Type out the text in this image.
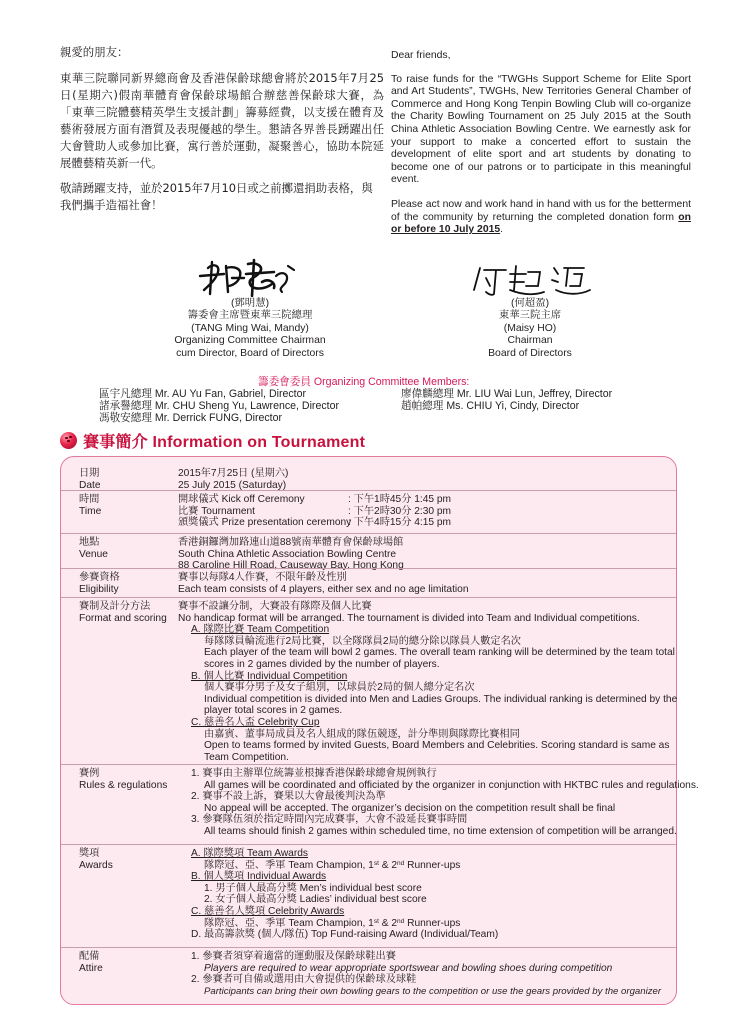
親愛的朋友：

東華三院聯同新界總商會及香港保齡球總會將於2015年7月25日(星期六)假南華體育會保齡球場館合辦慈善保齡球大賽，為「東華三院體藝精英學生支援計劃」籌募經費，以支援在體育及藝術發展方面有潛質及表現優越的學生。懇請各界善長踴躍出任大會贊助人或參加比賽，寓行善於運動，凝聚善心，協助本院延展體藝精英新一代。

敬請踴躍支持，並於2015年7月10日或之前擲還捐助表格，與我們攜手造福社會！

Dear friends,

To raise funds for the “TWGHs Support Scheme for Elite Sport and Art Students”, TWGHs, New Territories General Chamber of Commerce and Hong Kong Tenpin Bowling Club will co-organize the Charity Bowling Tournament on 25 July 2015 at the South China Athletic Association Bowling Centre. We earnestly ask for your support to make a concerted effort to sustain the development of elite sport and art students by donating to become one of our patrons or to participate in this meaningful event.

Please act now and work hand in hand with us for the betterment of the community by returning the completed donation form on or before 10 July 2015.

(鄧明慧)
籌委會主席暨東華三院總理
(TANG Ming Wai, Mandy)
Organizing Committee Chairman
cum Director, Board of Directors
(何超盈)
東華三院主席
(Maisy HO)
Chairman
Board of Directors
籌委會委員 Organizing Committee Members:
區宇凡總理 Mr. AU Yu Fan, Gabriel, Director
諸承譽總理 Mr. CHU Sheng Yu, Lawrence, Director
馮敬安總理 Mr. Derrick FUNG, Director
廖偉麟總理 Mr. LIU Wai Lun, Jeffrey, Director
趙帕總理 Ms. CHIU Yi, Cindy, Director
賽事簡介 Information on Tournament
日期
Date
2015年7月25日 (星期六)
25 July 2015 (Saturday)
時間
Time
開球儀式 Kick off Ceremony	: 下午1時45分 1:45 pm
比賽 Tournament	: 下午2時30分 2:30 pm
頒獎儀式 Prize presentation ceremony
: 下午4時15分 4:15 pm
地點
Venue
香港銅鑼灣加路連山道88號南華體育會保齡球場館
South China Athletic Association Bowling Centre
88 Caroline Hill Road, Causeway Bay, Hong Kong
參賽資格
Eligibility
賽事以每隊4人作賽，不限年齡及性別
Each team consists of 4 players, either sex and no age limitation
賽制及計分方法
Format and scoring
賽事不設讓分制，大賽設有隊際及個人比賽
No handicap format will be arranged. The tournament is divided into Team and Individual competitions.
A. 隊際比賽 Team Competition
每隊隊員輪流進行2局比賽，以全隊隊員2局的總分除以隊員人數定名次
Each player of the team will bowl 2 games. The overall team ranking will be determined by the team total
scores in 2 games divided by the number of players.
B. 個人比賽 Individual Competition
個人賽事分男子及女子組別，以球員於2局的個人總分定名次
Individual competition is divided into Men and Ladies Groups. The individual ranking is determined by the
player total scores in 2 games.
C. 慈善名人盃 Celebrity Cup
由嘉賓、董事局成員及名人組成的隊伍競逐，計分準則與隊際比賽相同
Open to teams formed by invited Guests, Board Members and Celebrities. Scoring standard is same as
Team Competition.
賽例
Rules & regulations
1. 賽事由主辦單位統籌並根據香港保齡球總會規例執行
All games will be coordinated and officiated by the organizer in conjunction with HKTBC rules and regulations.
2. 賽事不設上訴，賽果以大會最後判決為準
No appeal will be accepted. The organizer’s decision on the competition result shall be final
3. 參賽隊伍須於指定時間內完成賽事，大會不設延長賽事時間
All teams should finish 2 games within scheduled time, no time extension of competition will be arranged.
獎項
Awards
A. 隊際獎項 Team Awards
隊際冠、亞、季軍 Team Champion, 1st & 2nd Runner-ups
B. 個人獎項 Individual Awards
1. 男子個人最高分獎 Men’s individual best score
2. 女子個人最高分獎 Ladies’ individual best score
C. 慈善名人獎項 Celebrity Awards
隊際冠、亞、季軍 Team Champion, 1st & 2nd Runner-ups
D. 最高籌款獎 (個人/隊伍) Top Fund-raising Award (Individual/Team)
配備
Attire
1. 參賽者須穿着適當的運動服及保齡球鞋出賽
Players are required to wear appropriate sportswear and bowling shoes during competition
2. 參賽者可自備或選用由大會提供的保齡球及球鞋
Participants can bring their own bowling gears to the competition or use the gears provided by the organizer
